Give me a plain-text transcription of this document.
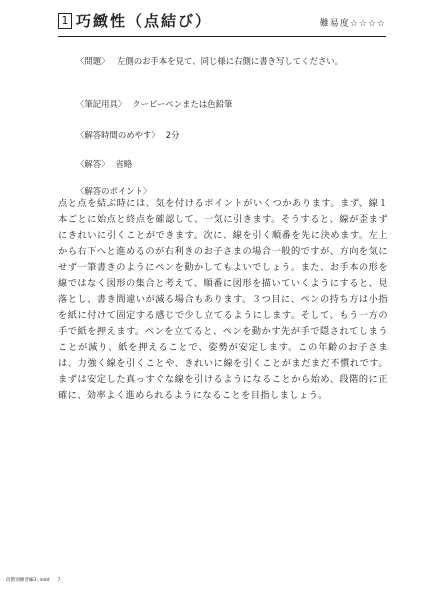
1 巧緻性（点結び）	難易度☆☆☆☆
〈問題〉 左側のお手本を見て、同じ様に右側に書き写してください。
〈筆記用具〉 クーピーペンまたは色鉛筆
〈解答時間のめやす〉 2分
〈解答〉 省略
〈解答のポイント〉
点と点を結ぶ時には、気を付けるポイントがいくつかあります。まず、線１本ごとに始点と終点を確認して、一気に引きます。そうすると、線が歪まずにきれいに引くことができます。次に、線を引く順番を先に決めます。左上から右下へと進めるのが右利きのお子さまの場合一般的ですが、方向を気にせず一筆書きのようにペンを動かしてもよいでしょう。また、お手本の形を線ではなく図形の集合と考えて、順番に図形を描いていくようにすると、見落とし、書き間違いが減る場合もあります。３つ目に、ペンの持ち方は小指を紙に付けて固定する感じで少し立てるようにします。そして、もう一方の手で紙を押えます。ペンを立てると、ペンを動かす先が手で隠されてしまうことが減り、紙を押えることで、姿勢が安定します。この年齢のお子さまは、力強く線を引くことや、きれいに線を引くことがまだまだ不慣れです。まずは安定した真っすぐな線を引けるようになることから始め、段階的に正確に、効率よく進められるようになることを目指しましょう。
段階別練習編3:.indd 7
